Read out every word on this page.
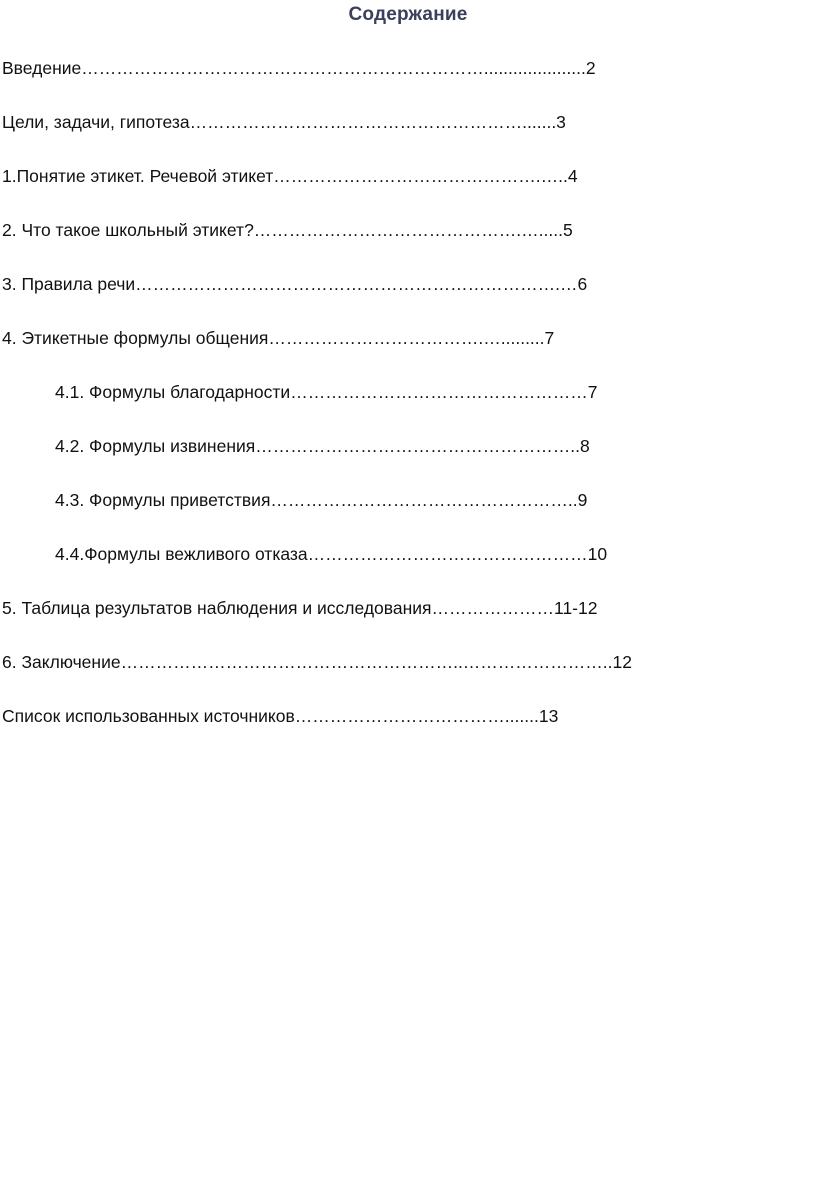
Содержание
Введение…………………………………………………………….....................2
Цели, задачи, гипотеза………………………………………………….......3
1.Понятие этикет. Речевой этикет……………………………………….…..4
2. Что такое школьный этикет?……………………………………….….....5
3. Правила речи……………………………………………………………….…6
4. Этикетные формулы общения……………………………….….........7
4.1. Формулы благодарности……………………………………………7
4.2. Формулы извинения………………………………………………..8
4.3. Формулы приветствия……………………………………………..9
4.4.Формулы вежливого отказа…………………………………………10
5. Таблица результатов наблюдения и исследования…………………11-12
6. Заключение…………………………………………………..……………………..12
Список использованных источников……………………………….......13
